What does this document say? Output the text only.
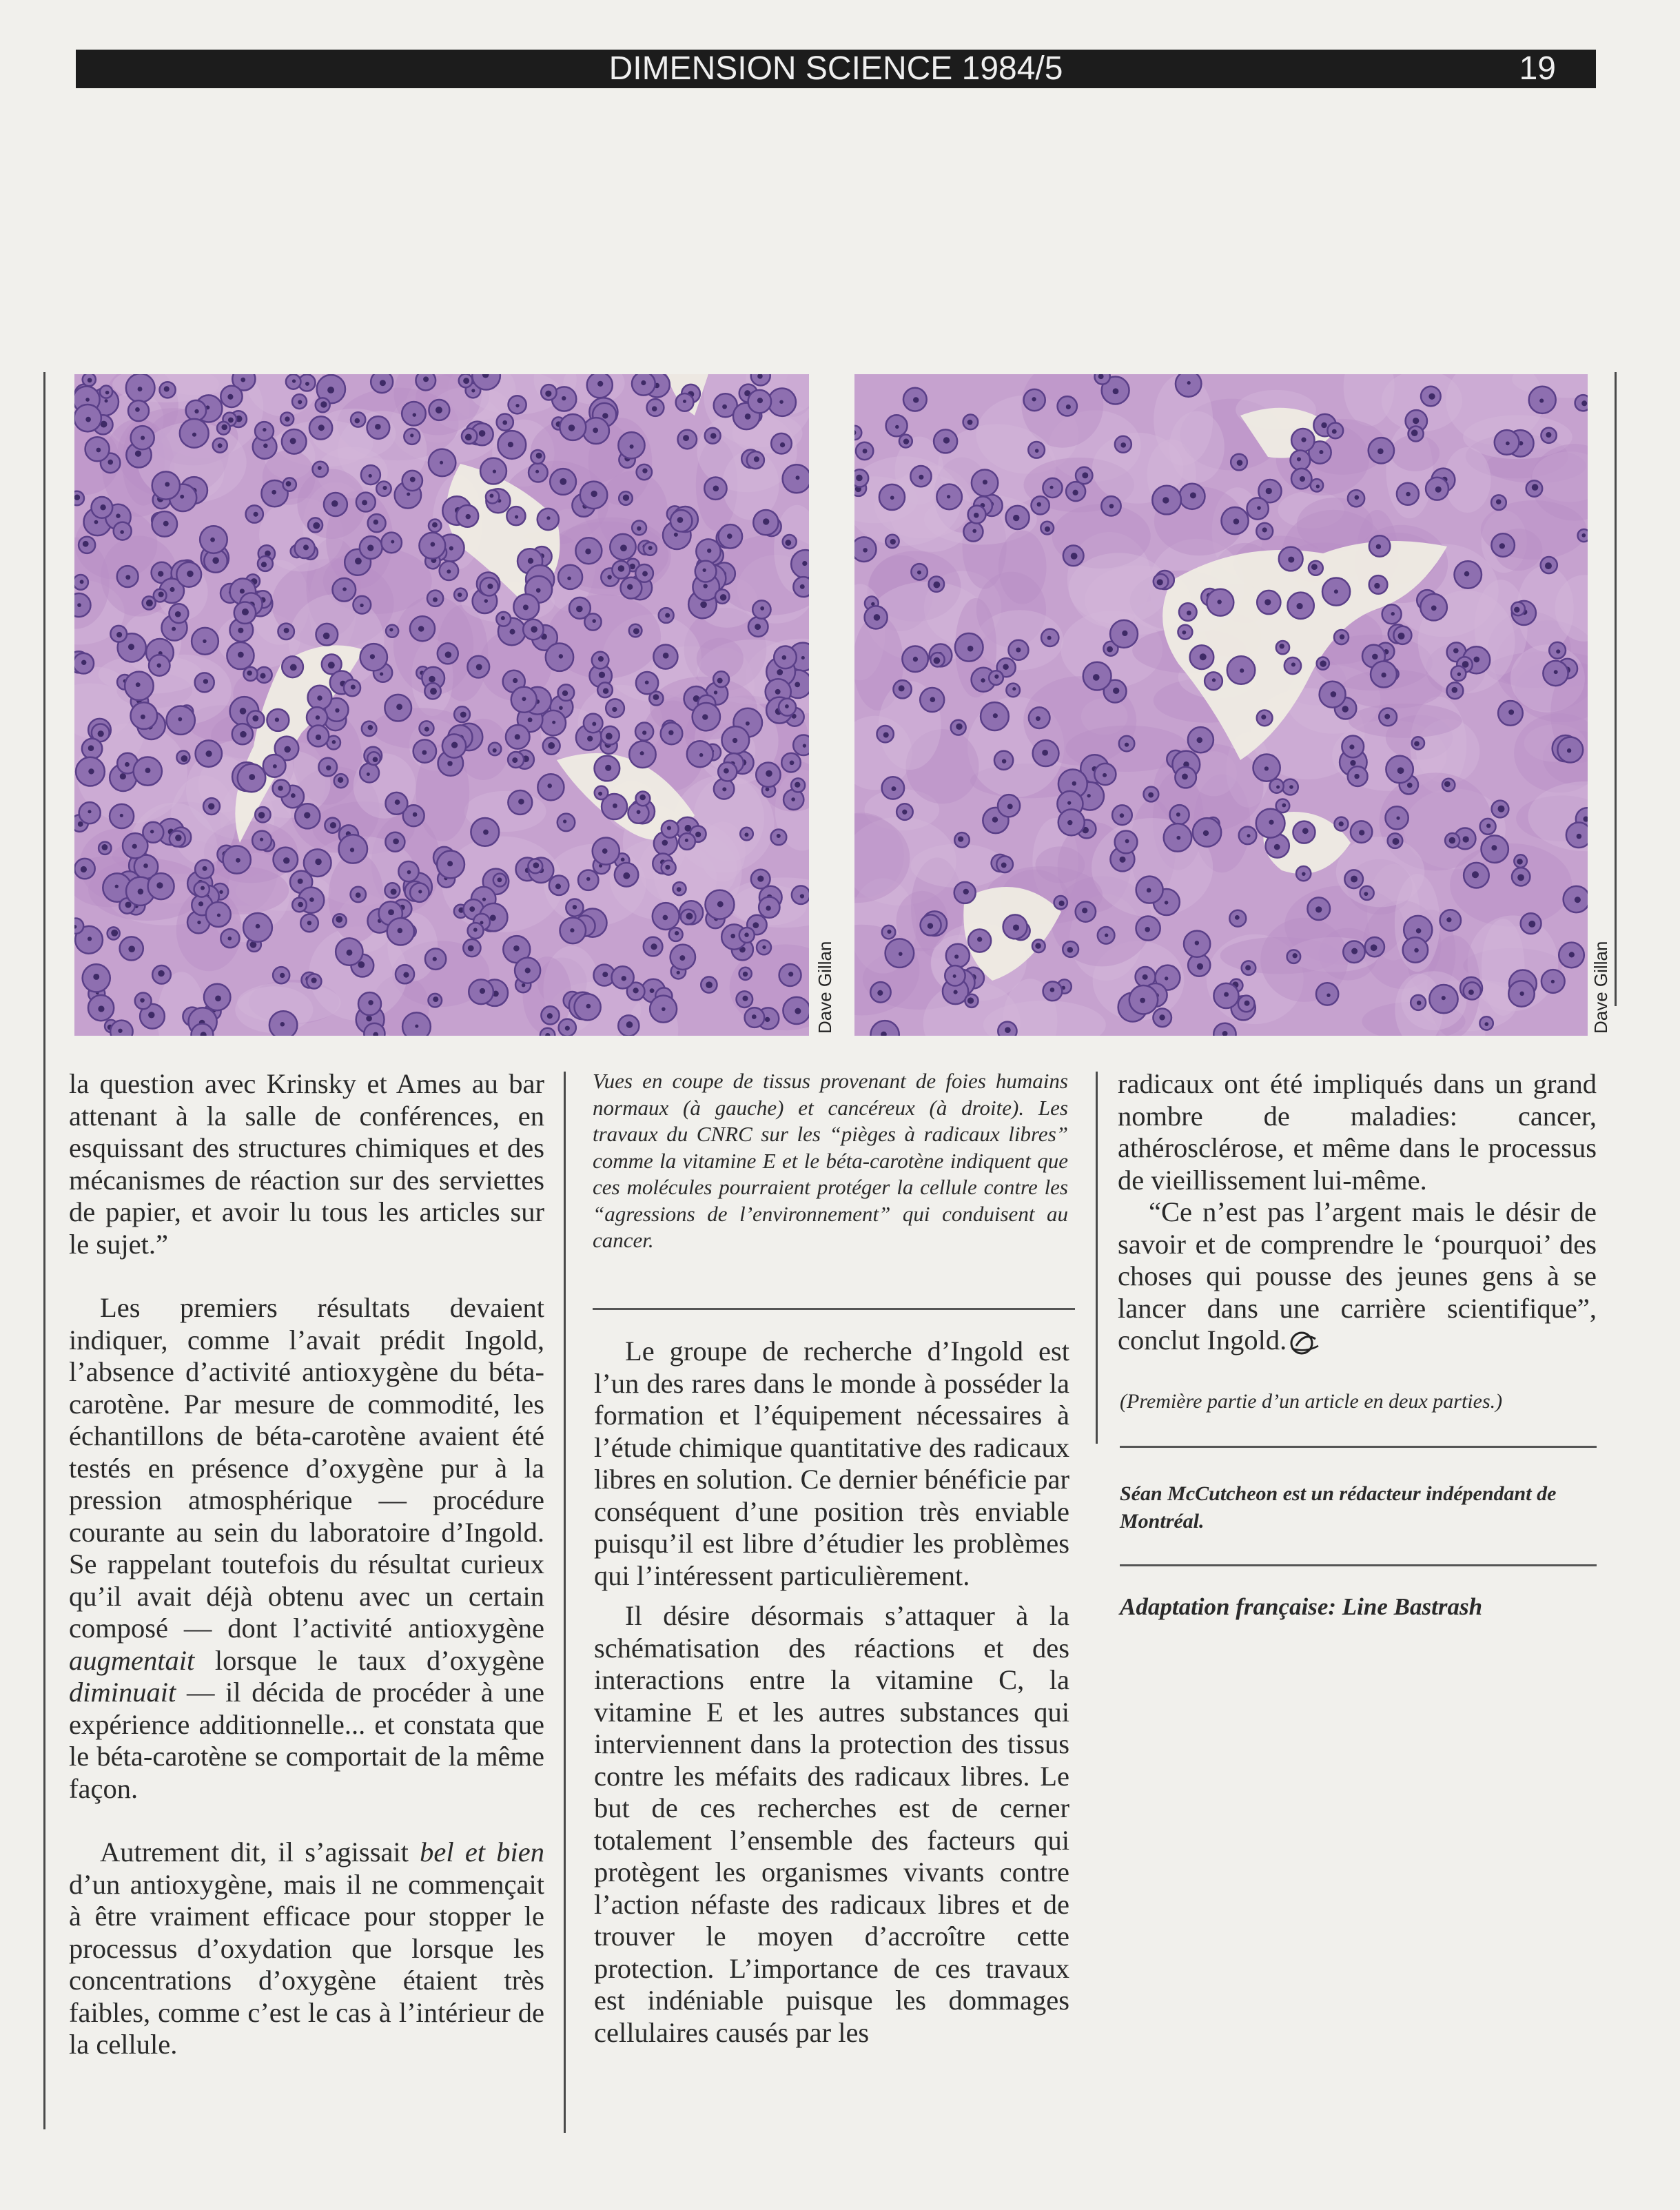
DIMENSION SCIENCE 1984/5	19
Dave Gillan	Dave Gillan

la question avec Krinsky et Ames au bar attenant à la salle de conférences, en esquissant des structures chimiques et des mécanismes de réaction sur des serviettes de papier, et avoir lu tous les articles sur le sujet.”

Les premiers résultats devaient indiquer, comme l’avait prédit Ingold, l’absence d’activité antioxygène du béta-carotène. Par mesure de commodité, les échantillons de béta-carotène avaient été testés en présence d’oxygène pur à la pression atmosphérique — procédure courante au sein du laboratoire d’Ingold. Se rappelant toutefois du résultat curieux qu’il avait déjà obtenu avec un certain composé — dont l’activité antioxygène augmentait lorsque le taux d’oxygène diminuait — il décida de procéder à une expérience additionnelle... et constata que le béta-carotène se comportait de la même façon.

Autrement dit, il s’agissait bel et bien d’un antioxygène, mais il ne commençait à être vraiment efficace pour stopper le processus d’oxydation que lorsque les concentrations d’oxygène étaient très faibles, comme c’est le cas à l’intérieur de la cellule.

Vues en coupe de tissus provenant de foies humains normaux (à gauche) et cancéreux (à droite). Les travaux du CNRC sur les “pièges à radicaux libres” comme la vitamine E et le béta-carotène indiquent que ces molécules pourraient protéger la cellule contre les “agressions de l’environnement” qui conduisent au cancer.

Le groupe de recherche d’Ingold est l’un des rares dans le monde à posséder la formation et l’équipement nécessaires à l’étude chimique quantitative des radicaux libres en solution. Ce dernier bénéficie par conséquent d’une position très enviable puisqu’il est libre d’étudier les problèmes qui l’intéressent particulièrement.

Il désire désormais s’attaquer à la schématisation des réactions et des interactions entre la vitamine C, la vitamine E et les autres substances qui interviennent dans la protection des tissus contre les méfaits des radicaux libres. Le but de ces recherches est de cerner totalement l’ensemble des facteurs qui protègent les organismes vivants contre l’action néfaste des radicaux libres et de trouver le moyen d’accroître cette protection. L’importance de ces travaux est indéniable puisque les dommages cellulaires causés par les

radicaux ont été impliqués dans un grand nombre de maladies: cancer, athérosclérose, et même dans le processus de vieillissement lui-même.

“Ce n’est pas l’argent mais le désir de savoir et de comprendre le ‘pourquoi’ des choses qui pousse des jeunes gens à se lancer dans une carrière scientifique”, conclut Ingold.

(Première partie d’un article en deux parties.)
Séan McCutcheon est un rédacteur indépendant de Montréal.
Adaptation française: Line Bastrash
